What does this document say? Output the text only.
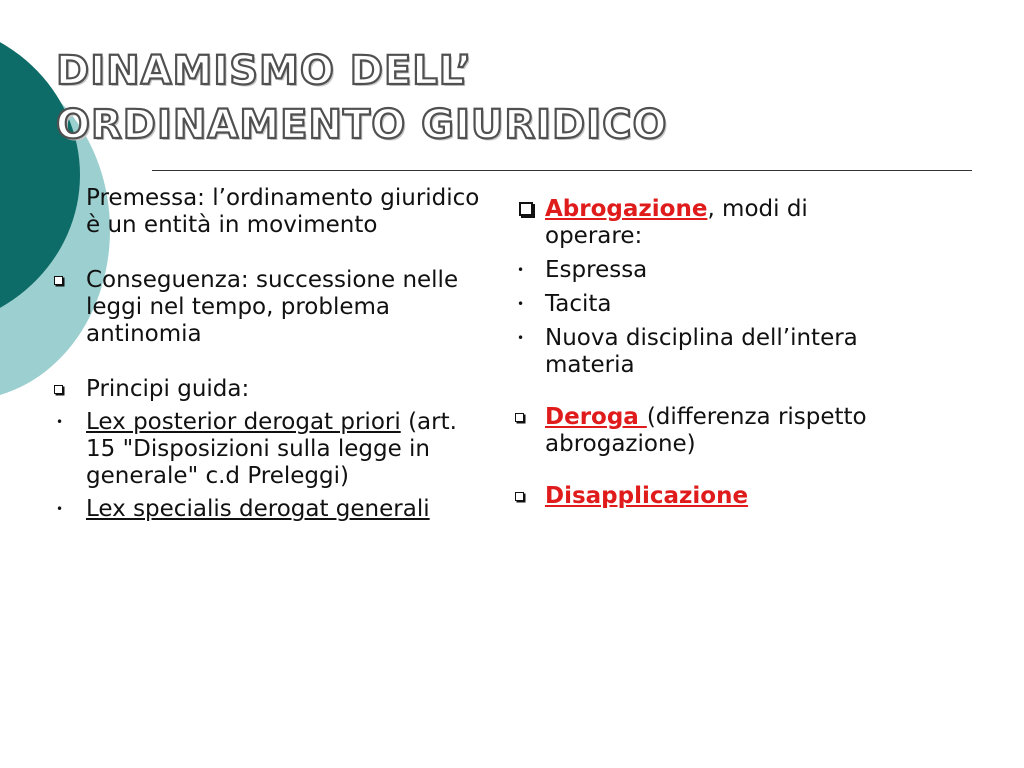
DINAMISMO DELL’
ORDINAMENTO GIURIDICO
Premessa: l’ordinamento giuridico è un entità in movimento
Conseguenza: successione nelle leggi nel tempo, problema antinomia
Principi guida:
• Lex posterior derogat priori (art. 15 "Disposizioni sulla legge in generale" c.d Preleggi)
• Lex specialis derogat generali
Abrogazione, modi di operare:
• Espressa
• Tacita
• Nuova disciplina dell’intera materia
Deroga (differenza rispetto abrogazione)
Disapplicazione
